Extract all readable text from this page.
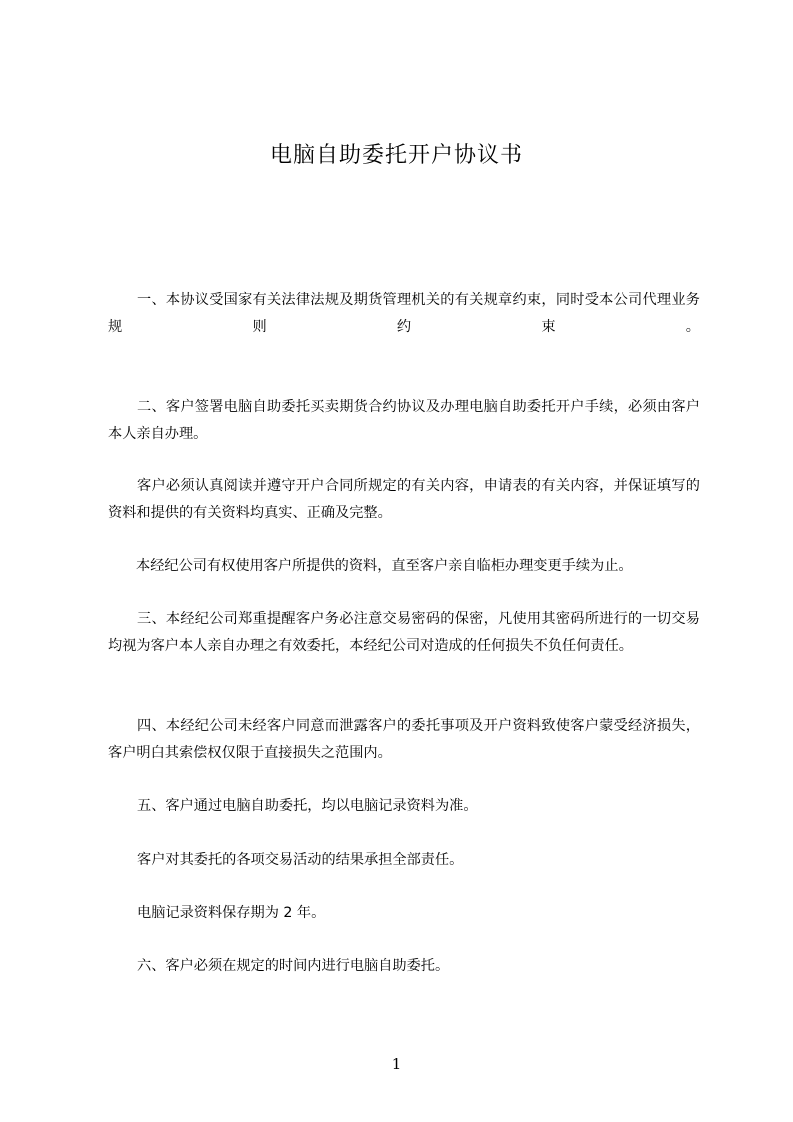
电脑自助委托开户协议书
一、本协议受国家有关法律法规及期货管理机关的有关规章约束，同时受本公司代理业务规则约束。
二、客户签署电脑自助委托买卖期货合约协议及办理电脑自助委托开户手续，必须由客户本人亲自办理。
客户必须认真阅读并遵守开户合同所规定的有关内容，申请表的有关内容，并保证填写的资料和提供的有关资料均真实、正确及完整。
本经纪公司有权使用客户所提供的资料，直至客户亲自临柜办理变更手续为止。
三、本经纪公司郑重提醒客户务必注意交易密码的保密，凡使用其密码所进行的一切交易均视为客户本人亲自办理之有效委托，本经纪公司对造成的任何损失不负任何责任。
四、本经纪公司未经客户同意而泄露客户的委托事项及开户资料致使客户蒙受经济损失，客户明白其索偿权仅限于直接损失之范围内。
五、客户通过电脑自助委托，均以电脑记录资料为准。
客户对其委托的各项交易活动的结果承担全部责任。
电脑记录资料保存期为 2 年。
六、客户必须在规定的时间内进行电脑自助委托。
1
